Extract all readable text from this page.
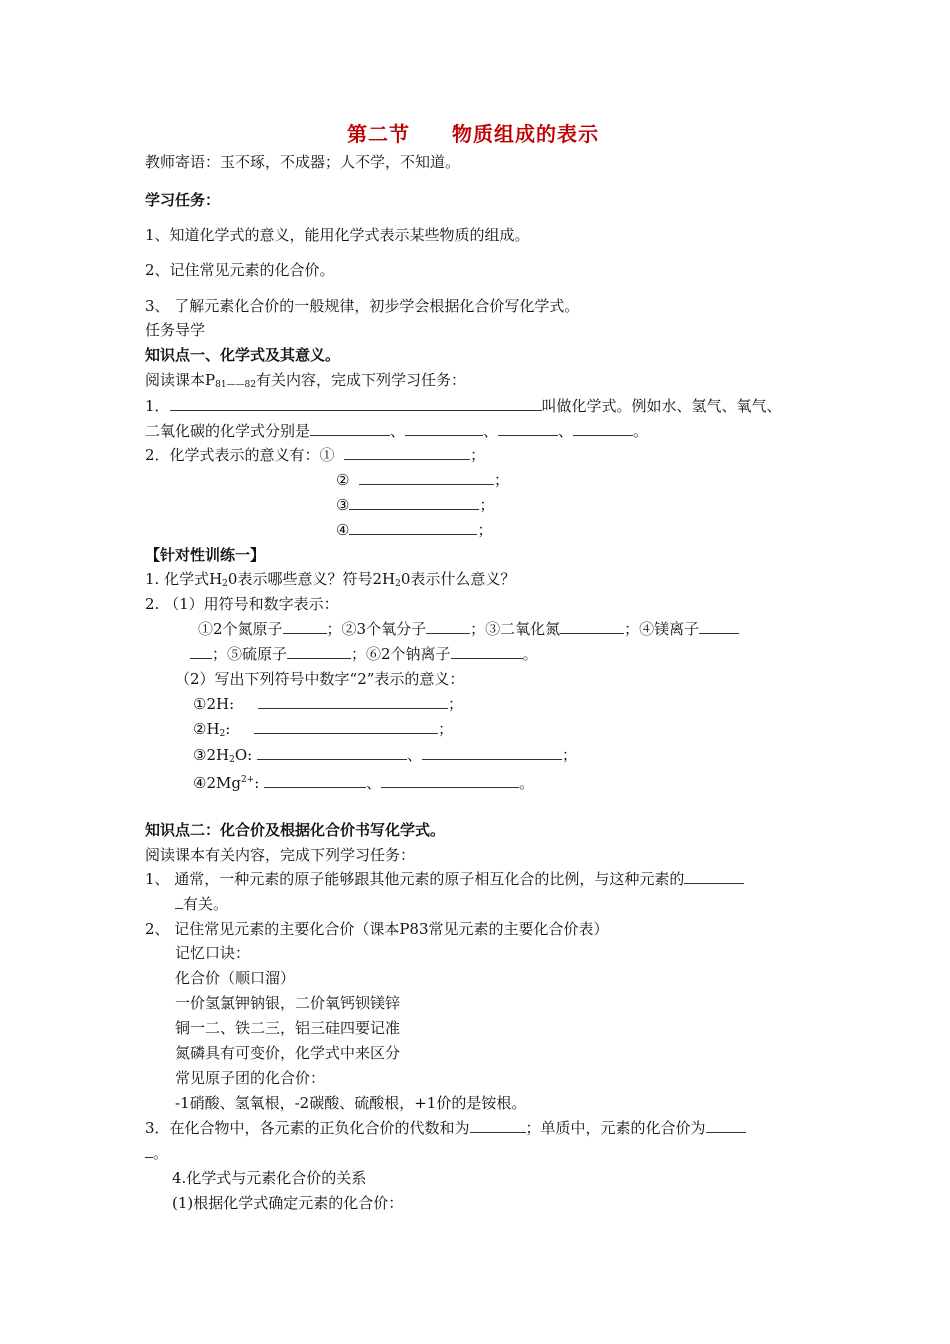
第二节　　物质组成的表示
教师寄语：玉不琢，不成器；人不学，不知道。
学习任务：
1、知道化学式的意义，能用化学式表示某些物质的组成。
2、记住常见元素的化合价。
3、 了解元素化合价的一般规律，初步学会根据化合价写化学式。
任务导学
知识点一、化学式及其意义。
阅读课本$P_{81——82}$有关内容，完成下列学习任务：
1．	叫做化学式。例如水、氢气、氧气、
二氧化碳的化学式分别是	、	、	、	。
2．化学式表示的意义有：①	；
②	；
③	；
④	；
【针对性训练一】
1. 化学式$H_20$表示哪些意义？符号$2H_20$表示什么意义？
2. （1）用符号和数字表示：
①2个氮原子	；②3个氧分子	；③二氧化氮	；④镁离子
；⑤硫原子	；⑥2个钠离子	。
（2）写出下列符号中数字“2”表示的意义：
①2H:	；
$②H_2$:	；
$③2H_2O$:	、	；
$④2Mg^{2+}$:	、	。
知识点二：化合价及根据化合价书写化学式。
阅读课本有关内容，完成下列学习任务：
1、 通常，一种元素的原子能够跟其他元素的原子相互化合的比例，与这种元素的
有关。
2、 记住常见元素的主要化合价（课本P83常见元素的主要化合价表）
记忆口诀：
化合价（顺口溜）
一价氢氯钾钠银，二价氧钙钡镁锌
铜一二、铁二三，铝三硅四要记准
氮磷具有可变价，化学式中来区分
常见原子团的化合价：
-1硝酸、氢氧根，-2碳酸、硫酸根，+1价的是铵根。
3．在化合物中，各元素的正负化合价的代数和为	；单质中，元素的化合价为
。
4.化学式与元素化合价的关系
(1)根据化学式确定元素的化合价：
